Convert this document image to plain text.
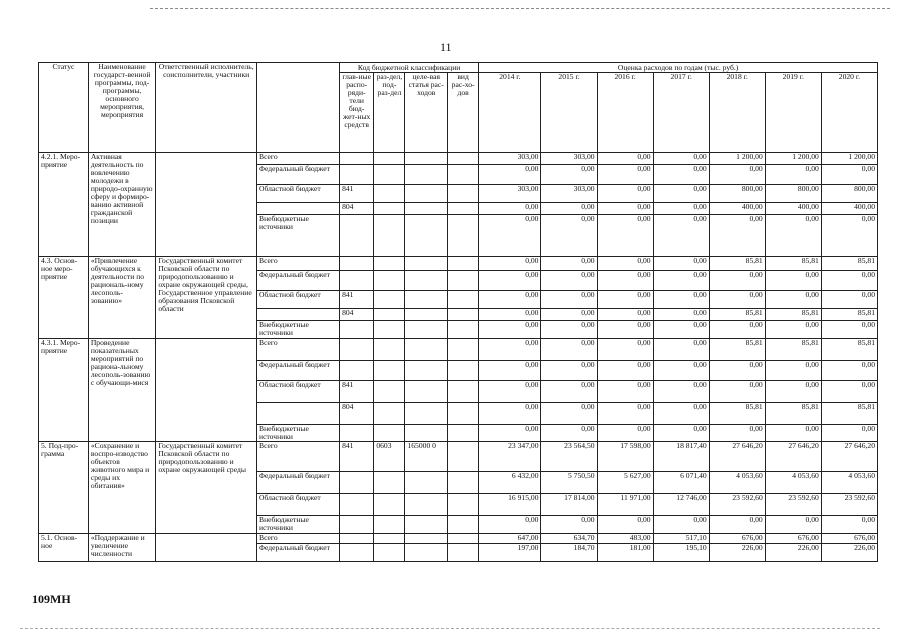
11
Статус	Наименование государст-венной программы, под-программы, основного мероприятия, мероприятия	Ответственный исполнитель, соисполнители, участники		Код бюджетной классификации				Оценка расходов по годам (тыс. руб.)						
				глав-ные распо-ряди-тели бюд-жет-ных средств	раз-дел, под-раз-дел	целе-вая статья рас-ходов	вид рас-хо-дов	2014 г.	2015 г.	2016 г.	2017 г.	2018 г.	2019 г.	2020 г.
4.2.1. Меро-приятие	Активная деятельность по вовлечению молодежи в природо-охранную сферу и формиро-ванию активной гражданской позиции		Всего					303,00	303,00	0,00	0,00	1 200,00	1 200,00	1 200,00
			Федеральный бюджет					0,00	0,00	0,00	0,00	0,00	0,00	0,00
			Областной бюджет	841				303,00	303,00	0,00	0,00	800,00	800,00	800,00
				804				0,00	0,00	0,00	0,00	400,00	400,00	400,00
			Внебюджетные источники					0,00	0,00	0,00	0,00	0,00	0,00	0,00
4.3. Основ-ное меро-приятие	«Привлечение обучающихся к деятельности по рациональ-ному лесополь-зованию»	Государственный комитет Псковской области по природопользованию и охране окружающей среды, Государственное управление образования Псковской области	Всего					0,00	0,00	0,00	0,00	85,81	85,81	85,81
			Федеральный бюджет					0,00	0,00	0,00	0,00	0,00	0,00	0,00
			Областной бюджет	841				0,00	0,00	0,00	0,00	0,00	0,00	0,00
				804				0,00	0,00	0,00	0,00	85,81	85,81	85,81
			Внебюджетные источники					0,00	0,00	0,00	0,00	0,00	0,00	0,00
4.3.1. Меро-приятие	Проведение показательных мероприятий по рациона-льному лесополь-зованию с обучающи-мися		Всего					0,00	0,00	0,00	0,00	85,81	85,81	85,81
			Федеральный бюджет					0,00	0,00	0,00	0,00	0,00	0,00	0,00
			Областной бюджет	841				0,00	0,00	0,00	0,00	0,00	0,00	0,00
				804				0,00	0,00	0,00	0,00	85,81	85,81	85,81
			Внебюджетные источники					0,00	0,00	0,00	0,00	0,00	0,00	0,00
5. Под-про-грамма	«Сохранение и воспро-изводство объектов животного мира и среды их обитания»	Государственный комитет Псковской области по природопользованию и охране окружающей среды	Всего	841	0603	165000 0		23 347,00	23 564,50	17 598,00	18 817,40	27 646,20	27 646,20	27 646,20
			Федеральный бюджет					6 432,00	5 750,50	5 627,00	6 071,40	4 053,60	4 053,60	4 053,60
			Областной бюджет					16 915,00	17 814,00	11 971,00	12 746,00	23 592,60	23 592,60	23 592,60
			Внебюджетные источники					0,00	0,00	0,00	0,00	0,00	0,00	0,00
5.1. Основ-ное	«Поддержание и увеличение численности		Всего					647,00	634,70	483,00	517,10	676,00	676,00	676,00
			Федеральный бюджет					197,00	184,70	181,00	195,10	226,00	226,00	226,00
109МН
